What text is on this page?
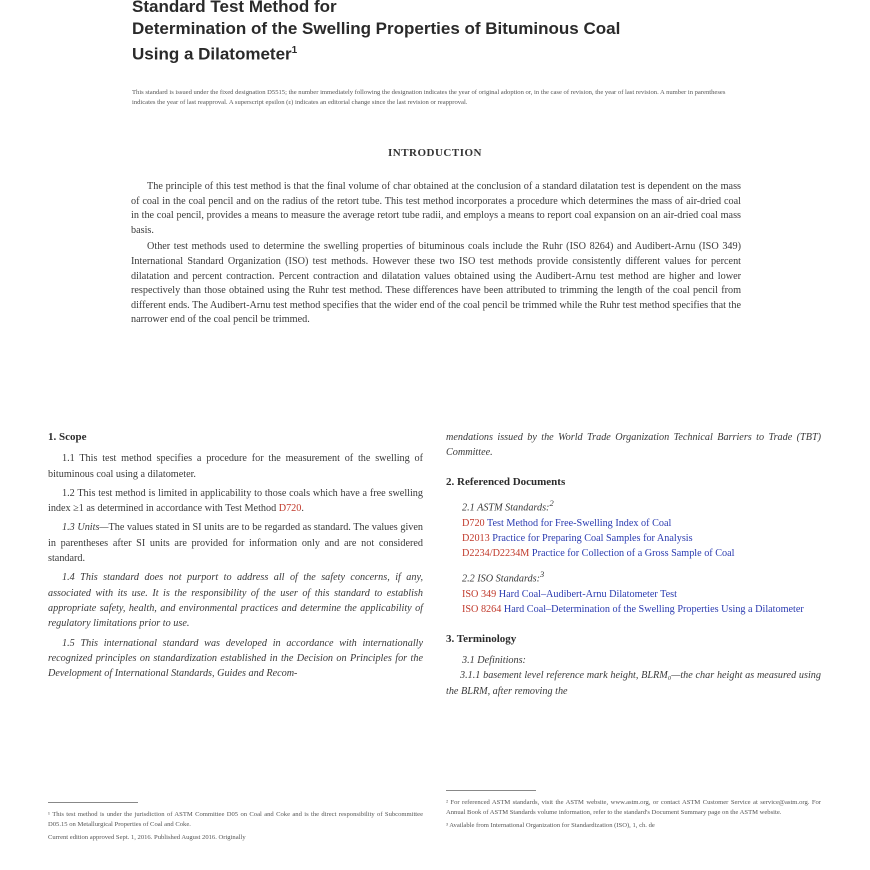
Standard Test Method for
Determination of the Swelling Properties of Bituminous Coal
Using a Dilatometer$^1$
This standard is issued under the fixed designation D5515; the number immediately following the designation indicates the year of original adoption or, in the case of revision, the year of last revision. A number in parentheses indicates the year of last reapproval. A superscript epsilon (ε) indicates an editorial change since the last revision or reapproval.
INTRODUCTION

The principle of this test method is that the final volume of char obtained at the conclusion of a standard dilatation test is dependent on the mass of coal in the coal pencil and on the radius of the retort tube. This test method incorporates a procedure which determines the mass of air-dried coal in the coal pencil, provides a means to measure the average retort tube radii, and employs a means to report coal expansion on an air-dried coal mass basis.

Other test methods used to determine the swelling properties of bituminous coals include the Ruhr (ISO 8264) and Audibert-Arnu (ISO 349) International Standard Organization (ISO) test methods. However these two ISO test methods provide consistently different values for percent dilatation and percent contraction. Percent contraction and dilatation values obtained using the Audibert-Arnu test method are higher and lower respectively than those obtained using the Ruhr test method. These differences have been attributed to trimming the length of the coal pencil from different ends. The Audibert-Arnu test method specifies that the wider end of the coal pencil be trimmed while the Ruhr test method specifies that the narrower end of the coal pencil be trimmed.

1. Scope

1.1 This test method specifies a procedure for the measurement of the swelling of bituminous coal using a dilatometer.

1.2 This test method is limited in applicability to those coals which have a free swelling index ≥1 as determined in accordance with Test Method D720.

1.3 Units—The values stated in SI units are to be regarded as standard. The values given in parentheses after SI units are provided for information only and are not considered standard.

1.4 This standard does not purport to address all of the safety concerns, if any, associated with its use. It is the responsibility of the user of this standard to establish appropriate safety, health, and environmental practices and determine the applicability of regulatory limitations prior to use.

1.5 This international standard was developed in accordance with internationally recognized principles on standardization established in the Decision on Principles for the Development of International Standards, Guides and Recom-

mendations issued by the World Trade Organization Technical Barriers to Trade (TBT) Committee.

2. Referenced Documents
2.1 ASTM Standards:$^2$
D720 Test Method for Free-Swelling Index of Coal
D2013 Practice for Preparing Coal Samples for Analysis
D2234/D2234M Practice for Collection of a Gross Sample of Coal
2.2 ISO Standards:$^3$
ISO 349 Hard Coal–Audibert-Arnu Dilatometer Test
ISO 8264 Hard Coal–Determination of the Swelling Properties Using a Dilatometer
3. Terminology
3.1 Definitions:

3.1.1 basement level reference mark height, BLRM₀—the char height as measured using the BLRM, after removing the

¹ This test method is under the jurisdiction of ASTM Committee D05 on Coal and Coke and is the direct responsibility of Subcommittee D05.15 on Metallurgical Properties of Coal and Coke.

Current edition approved Sept. 1, 2016. Published August 2016. Originally

² For referenced ASTM standards, visit the ASTM website, www.astm.org, or contact ASTM Customer Service at service@astm.org. For Annual Book of ASTM Standards volume information, refer to the standard's Document Summary page on the ASTM website.

³ Available from International Organization for Standardization (ISO), 1, ch. de
